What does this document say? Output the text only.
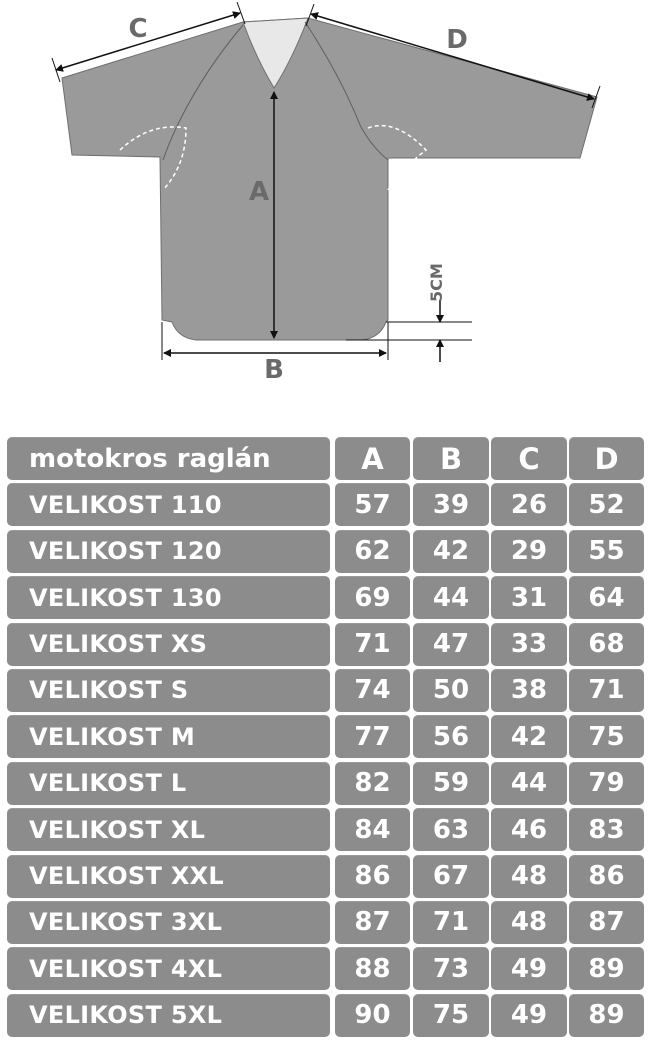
A
B
C	D
5CM
motokros raglán	A	B	C	D
VELIKOST 110	57	39	26	52
VELIKOST 120	62	42	29	55
VELIKOST 130	69	44	31	64
VELIKOST XS	71	47	33	68
VELIKOST S	74	50	38	71
VELIKOST M	77	56	42	75
VELIKOST L	82	59	44	79
VELIKOST XL	84	63	46	83
VELIKOST XXL	86	67	48	86
VELIKOST 3XL	87	71	48	87
VELIKOST 4XL	88	73	49	89
VELIKOST 5XL	90	75	49	89
